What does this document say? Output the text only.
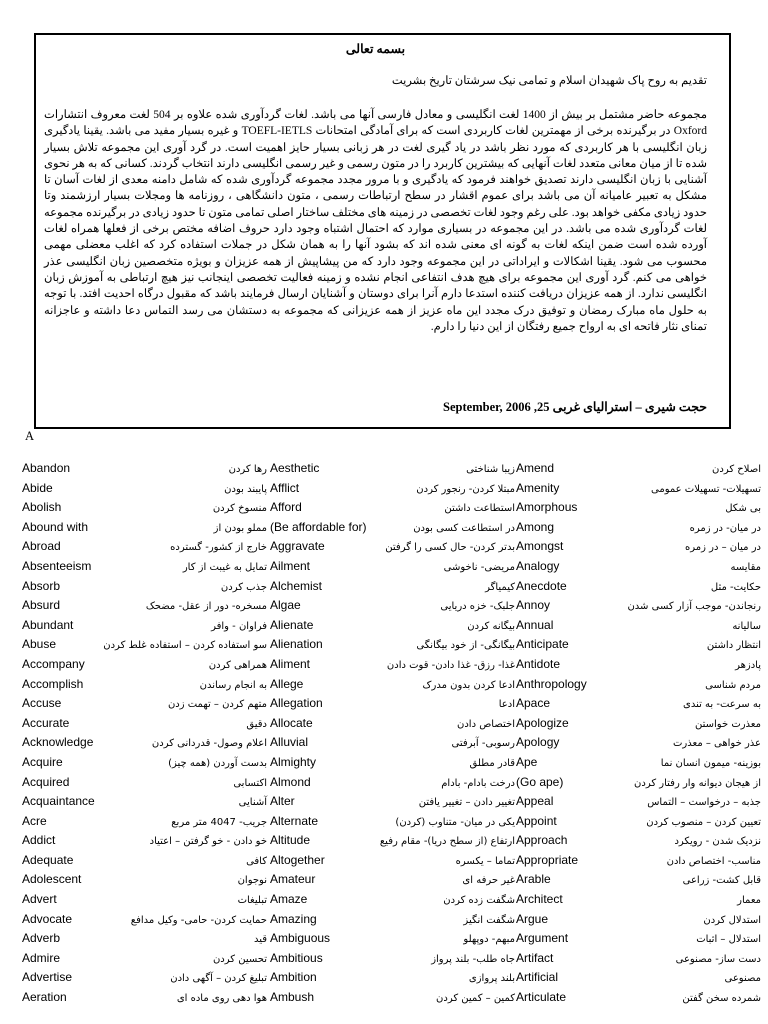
بسمه تعالی
تقدیم به روح پاک شهیدان اسلام و تمامی نیک سرشتان تاریخ بشریت
مجموعه حاضر مشتمل بر بیش از 1400 لغت انگلیسی و معادل فارسی آنها می باشد. لغات گردآوری شده علاوه بر 504 لغت معروف انتشارات Oxford در برگیرنده برخی از مهمترین لغات کاربردی است که برای آمادگی امتحانات TOEFL-IETLS و غیره بسیار مفید می باشد. یقینا یادگیری زبان انگلیسی با هر کاربردی که مورد نظر باشد در یاد گیری لغت در هر زبانی بسیار حایز اهمیت است. در گرد آوری این مجموعه تلاش بسیار شده تا از میان معانی متعدد لغات آنهایی که بیشترین کاربرد را در متون رسمی و غیر رسمی انگلیسی دارند انتخاب گردند. کسانی که به هر نحوی آشنایی با زبان انگلیسی دارند تصدیق خواهند فرمود که یادگیری و با مرور مجدد مجموعه گردآوری شده که شامل دامنه معدی از لغات آسان تا مشکل به تعبیر عامیانه آن می باشد برای عموم اقشار در سطح ارتباطات رسمی ، متون دانشگاهی ، روزنامه ها ومجلات بسیار ارزشمند وتا حدود زیادی مکفی خواهد بود. علی رغم وجود لغات تخصصی در زمینه های مختلف ساختار اصلی تمامی متون تا حدود زیادی در برگیرنده مجموعه لغات گردآوری شده می باشد. در این مجموعه در بسیاری موارد که احتمال اشتباه وجود دارد حروف اضافه مختص برخی از فعلها همراه لغات آورده شده است ضمن اینکه لغات به گونه ای معنی شده اند که بشود آنها را به همان شکل در جملات استفاده کرد که اغلب معضلی مهمی محسوب می شود. یقینا اشکالات و ایراداتی در این مجموعه وجود دارد که من پیشاپیش از همه عزیزان و بویژه متخصصین زبان انگلیسی عذر خواهی می کنم. گرد آوری این مجموعه برای هیچ هدف انتفاعی انجام نشده و زمینه فعالیت تخصصی اینجانب نیز هیچ ارتباطی به آموزش زبان انگلیسی ندارد. از همه عزیزان دریافت کننده استدعا دارم آنرا برای دوستان و آشنایان ارسال فرمایند باشد که مقبول درگاه احدیت افتد. با توجه به حلول ماه مبارک رمضان و توفیق درک مجدد این ماه عزیز از همه عزیزانی که مجموعه به دستشان می رسد التماس دعا داشته و عاجزانه تمنای نثار فاتحه ای به ارواح جمیع رفتگان از این دنیا را دارم.
حجت شیری – استرالیای غربی 25, September, 2006
A
Abandon	رها کردن
Abide	پایبند بودن
Abolish	منسوخ کردن
Abound with	مملو بودن از
Abroad	خارج از کشور- گسترده
Absenteeism	تمایل به غیبت از کار
Absorb	جذب کردن
Absurd	مسخره- دور از عقل- مضحک
Abundant	فراوان - وافر
Abuse	سو استفاده کردن – استفاده غلط کردن
Accompany	همراهی کردن
Accomplish	به انجام رساندن
Accuse	متهم کردن – تهمت زدن
Accurate	دقیق
Acknowledge	اعلام وصول- قدردانی کردن
Acquire	بدست آوردن (همه چیز)
Acquired	اکتسابی
Acquaintance	آشنایی
Acre	جریب- 4047 متر مربع
Addict	خو دادن - خو گرفتن – اعتیاد
Adequate	کافی
Adolescent	نوجوان
Advert	تبلیغات
Advocate	حمایت کردن- حامی- وکیل مدافع
Adverb	قید
Admire	تحسین کردن
Advertise	تبلیغ کردن – آگهی دادن
Aeration	هوا دهی روی ماده ای
Aesthetic	زیبا شناختی
Afflict	مبتلا کردن- رنجور کردن
Afford	استطاعت داشتن
(Be affordable for)	در استطاعت کسی بودن
Aggravate	بدتر کردن- حال کسی را گرفتن
Ailment	مریضی- ناخوشی
Alchemist	کیمیاگر
Algae	جلبک- خزه دریایی
Alienate	بیگانه کردن
Alienation	بیگانگی- از خود بیگانگی
Aliment	غذا- رزق- غذا دادن- قوت دادن
Allege	ادعا کردن بدون مدرک
Allegation	ادعا
Allocate	اختصاص دادن
Alluvial	رسوبی- آبرفتی
Almighty	قادر مطلق
Almond	درخت بادام- بادام
Alter	تغییر دادن – تغییر یافتن
Alternate	یکی در میان- متناوب (کردن)
Altitude	ارتفاع (از سطح دریا)- مقام رفیع
Altogether	تماما – یکسره
Amateur	غیر حرفه ای
Amaze	شگفت زده کردن
Amazing	شگفت انگیز
Ambiguous	مبهم- دوپهلو
Ambitious	جاه طلب- بلند پرواز
Ambition	بلند پروازی
Ambush	کمین – کمین کردن
Amend	اصلاح کردن
Amenity	تسهیلات- تسهیلات عمومی
Amorphous	بی شکل
Among	در میان- در زمره
Amongst	در میان – در زمره
Analogy	مقایسه
Anecdote	حکایت- مثل
Annoy	رنجاندن- موجب آزار کسی شدن
Annual	سالیانه
Anticipate	انتظار داشتن
Antidote	پادزهر
Anthropology	مردم شناسی
Apace	به سرعت- به تندی
Apologize	معذرت خواستن
Apology	عذر خواهی – معذرت
Ape	بوزینه- میمون انسان نما
(Go ape)	از هیجان دیوانه وار رفتار کردن
Appeal	جذبه – درخواست – التماس
Appoint	تعیین کردن – منصوب کردن
Approach	نزدیک شدن - رویکرد
Appropriate	مناسب- اختصاص دادن
Arable	قابل کشت- زراعی
Architect	معمار
Argue	استدلال کردن
Argument	استدلال – اثبات
Artifact	دست ساز- مصنوعی
Artificial	مصنوعی
Articulate	شمرده سخن گفتن
